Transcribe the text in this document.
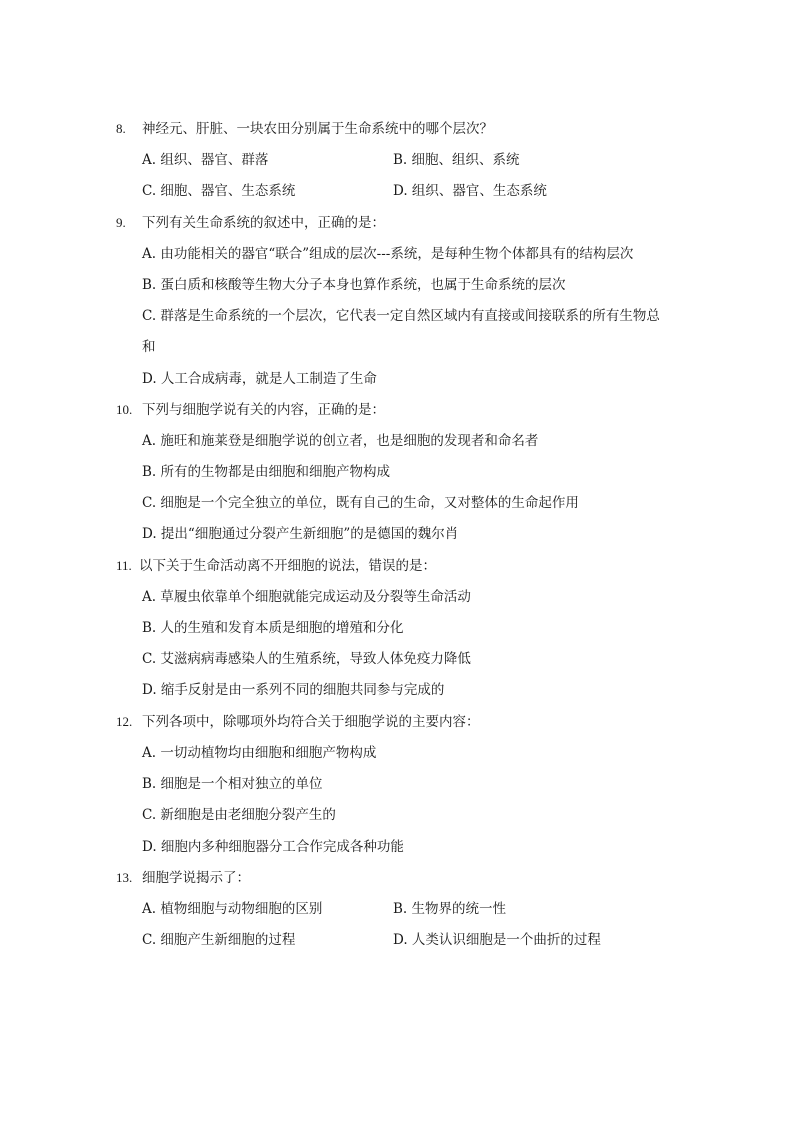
8. 神经元、肝脏、一块农田分别属于生命系统中的哪个层次？
A. 组织、器官、群落	B. 细胞、组织、系统
C. 细胞、器官、生态系统	D. 组织、器官、生态系统
9. 下列有关生命系统的叙述中，正确的是：
A. 由功能相关的器官“联合”组成的层次---系统，是每种生物个体都具有的结构层次
B. 蛋白质和核酸等生物大分子本身也算作系统，也属于生命系统的层次
C. 群落是生命系统的一个层次，它代表一定自然区域内有直接或间接联系的所有生物总
和
D. 人工合成病毒，就是人工制造了生命
10. 下列与细胞学说有关的内容，正确的是：
A. 施旺和施莱登是细胞学说的创立者，也是细胞的发现者和命名者
B. 所有的生物都是由细胞和细胞产物构成
C. 细胞是一个完全独立的单位，既有自己的生命，又对整体的生命起作用
D. 提出“细胞通过分裂产生新细胞”的是德国的魏尔肖
11. 以下关于生命活动离不开细胞的说法，错误的是：
A. 草履虫依靠单个细胞就能完成运动及分裂等生命活动
B. 人的生殖和发育本质是细胞的增殖和分化
C. 艾滋病病毒感染人的生殖系统，导致人体免疫力降低
D. 缩手反射是由一系列不同的细胞共同参与完成的
12. 下列各项中，除哪项外均符合关于细胞学说的主要内容：
A. 一切动植物均由细胞和细胞产物构成
B. 细胞是一个相对独立的单位
C. 新细胞是由老细胞分裂产生的
D. 细胞内多种细胞器分工合作完成各种功能
13. 细胞学说揭示了：
A. 植物细胞与动物细胞的区别	B. 生物界的统一性
C. 细胞产生新细胞的过程	D. 人类认识细胞是一个曲折的过程
